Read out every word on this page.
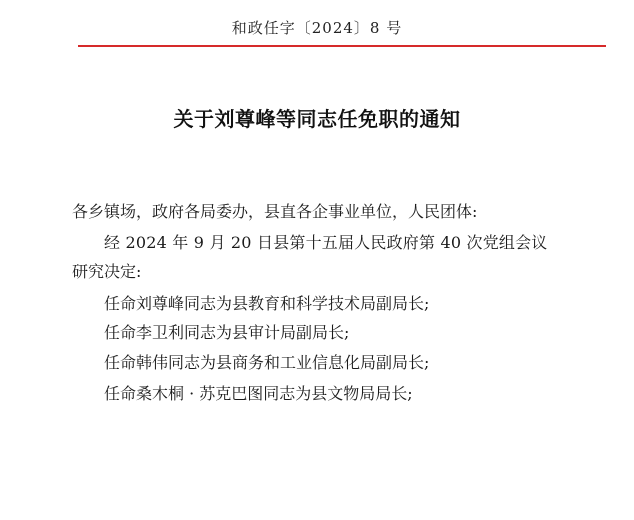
和政任字〔2024〕8 号
关于刘尊峰等同志任免职的通知
各乡镇场，政府各局委办，县直各企事业单位，人民团体:
经 2024 年 9 月 20 日县第十五届人民政府第 40 次党组会议
研究决定:
任命刘尊峰同志为县教育和科学技术局副局长;
任命李卫利同志为县审计局副局长;
任命韩伟同志为县商务和工业信息化局副局长;
任命桑木桐 · 苏克巴图同志为县文物局局长;
